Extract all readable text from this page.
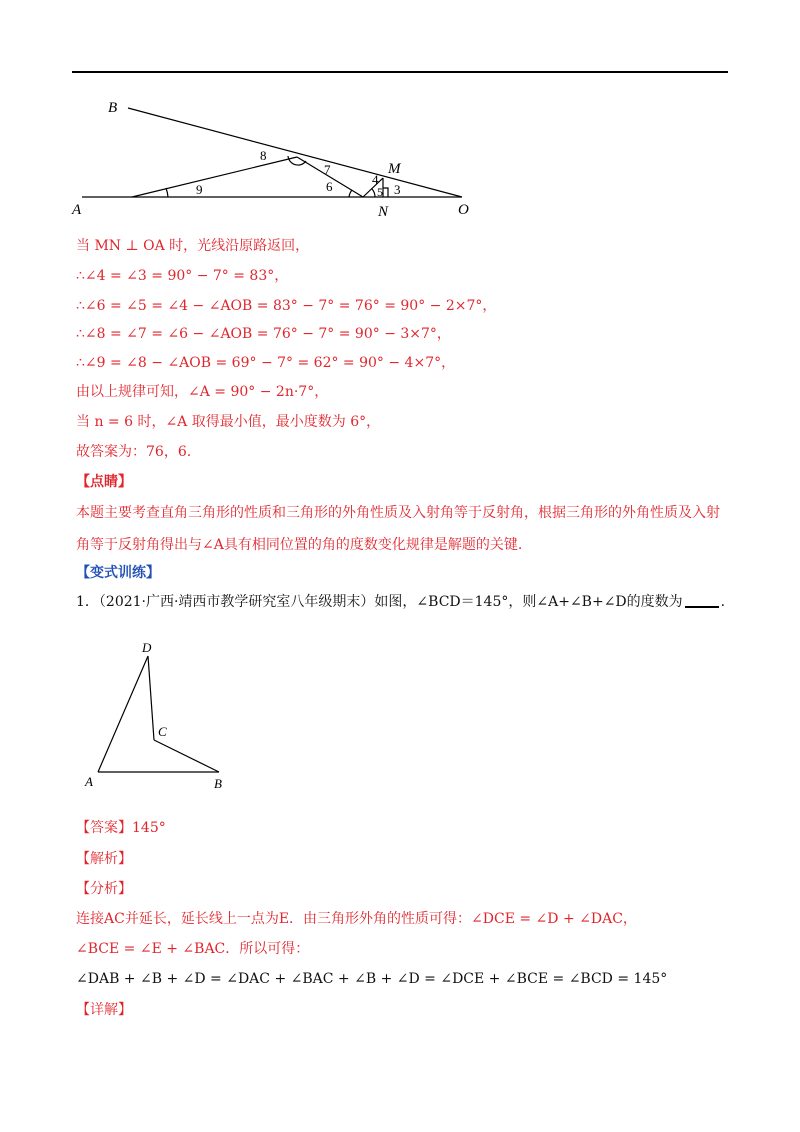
B
A	O
M
N
8
7
9	6	4
3
5
当 MN ⊥ OA 时，光线沿原路返回，
∴∠4 = ∠3 = 90° − 7° = 83°，
∴∠6 = ∠5 = ∠4 − ∠AOB = 83° − 7° = 76° = 90° − 2×7°，
∴∠8 = ∠7 = ∠6 − ∠AOB = 76° − 7° = 90° − 3×7°，
∴∠9 = ∠8 − ∠AOB = 69° − 7° = 62° = 90° − 4×7°，
由以上规律可知，∠A = 90° − 2n·7°，
当 n = 6 时，∠A 取得最小值，最小度数为 6°，
故答案为：76，6.
【点睛】
本题主要考查直角三角形的性质和三角形的外角性质及入射角等于反射角，根据三角形的外角性质及入射角等于反射角得出与∠A具有相同位置的角的度数变化规律是解题的关键.
【变式训练】
1．（2021·广西·靖西市教学研究室八年级期末）如图，∠BCD＝145°，则∠A+∠B+∠D的度数为	.
D
C
A	B
【答案】145°
【解析】
【分析】
连接AC并延长，延长线上一点为E．由三角形外角的性质可得：∠DCE = ∠D + ∠DAC，
∠BCE = ∠E + ∠BAC．所以可得：
∠DAB + ∠B + ∠D = ∠DAC + ∠BAC + ∠B + ∠D = ∠DCE + ∠BCE = ∠BCD = 145°
【详解】
